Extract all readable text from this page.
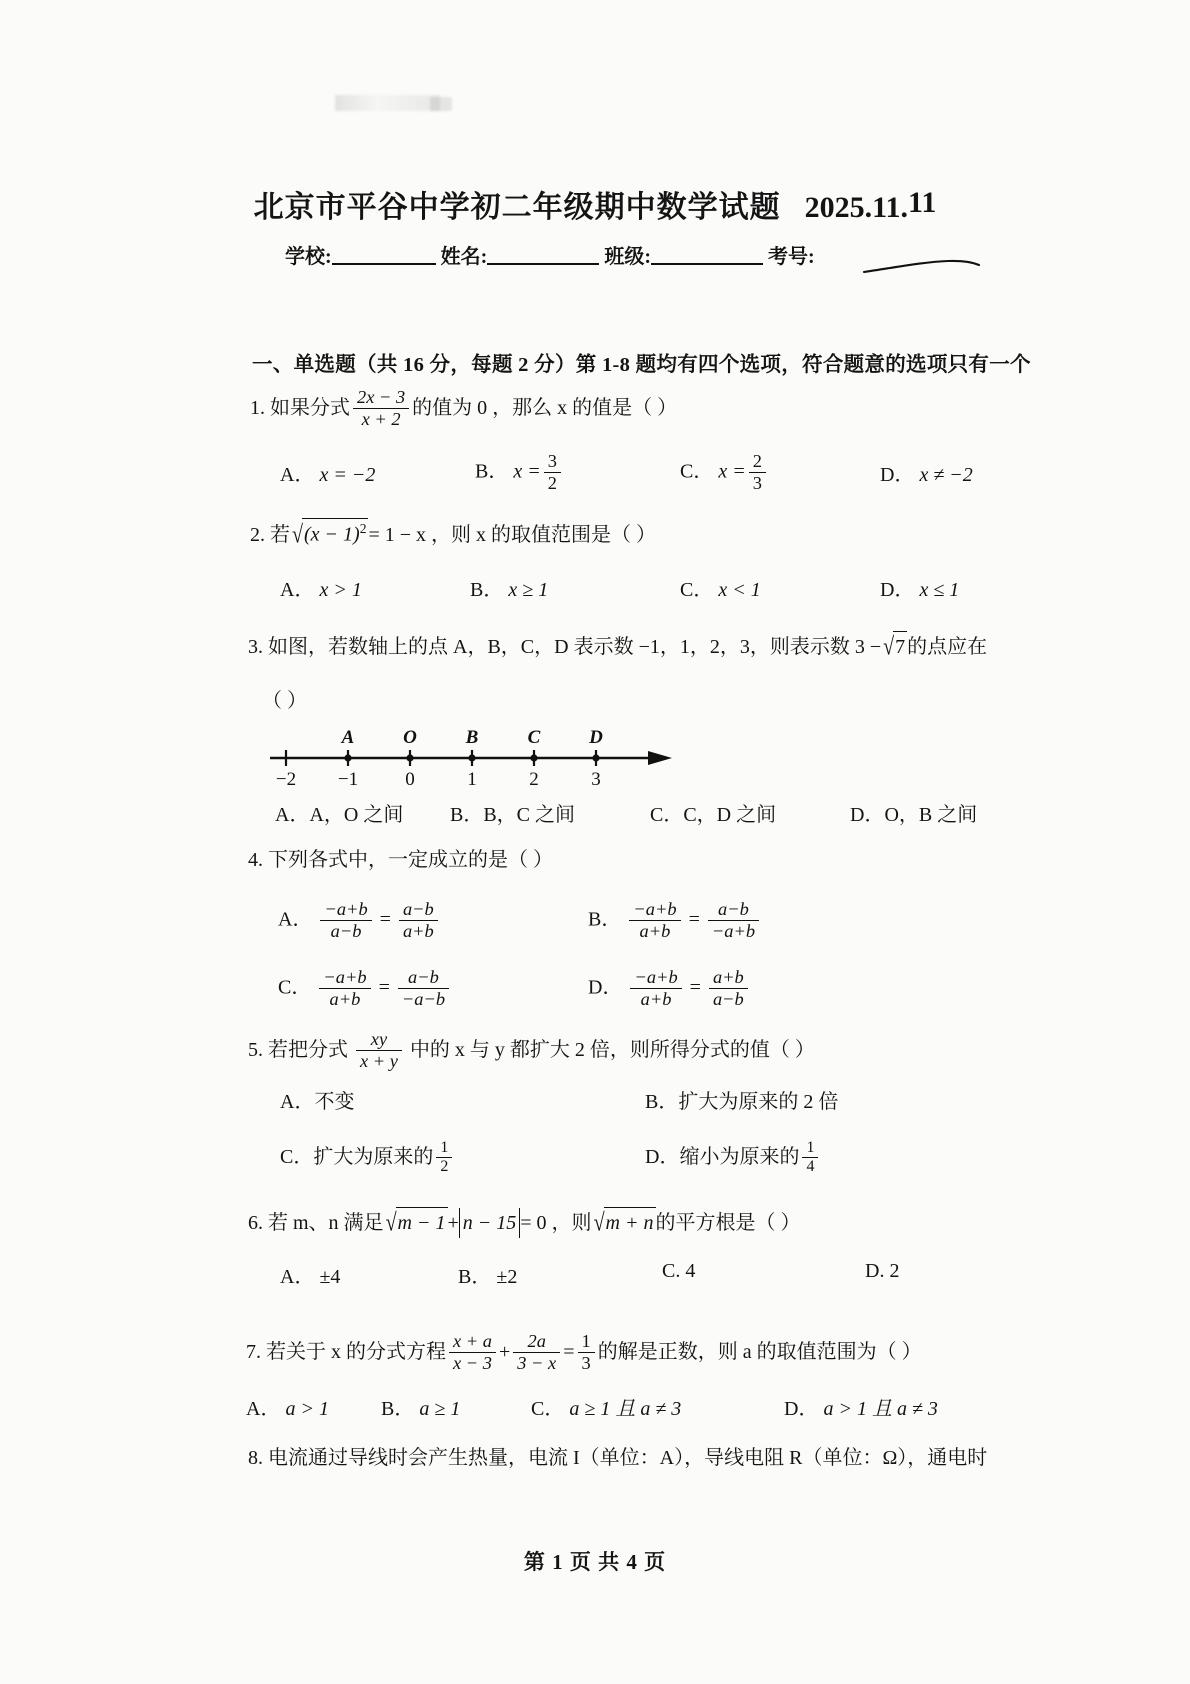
北京市平谷中学初二年级期中数学试题 2025.11.11
学校:	姓名:	班级:	考号:
一、单选题（共 16 分，每题 2 分）第 1-8 题均有四个选项，符合题意的选项只有一个
1. 如果分式 $\frac{2x - 3}{x + 2}$ 的值为 0 ，那么 x 的值是（ ）
A． x = −2	B． $x = \frac{3}{2}$	C． $x = \frac{2}{3}$	D． x ≠ −2
2. 若 $√(x - 1)^2 = 1 - x$ ，则 x 的取值范围是（ ）
A． x > 1	B． x ≥ 1	C． x < 1	D． x ≤ 1
3. 如图，若数轴上的点 A，B，C，D 表示数 −1，1，2，3，则表示数 3 − √7 的点应在
（ ）
A	O	B	C	D
−2 −1 0	1	2	3
A．A，O 之间 B．B，C 之间	C．C，D 之间	D．O，B 之间
4. 下列各式中，一定成立的是（ ）
A． $\frac{-a+b}{a-b} = \frac{a-b}{a+b}$	B． $\frac{-a+b}{a+b} = \frac{a-b}{-a+b}$
C． $\frac{-a+b}{a+b} = \frac{a-b}{-a-b}$	D． $\frac{-a+b}{a+b} = \frac{a+b}{a-b}$
5. 若把分式 $\frac{xy}{x + y}$ 中的 x 与 y 都扩大 2 倍，则所得分式的值（ ）
A．不变	B．扩大为原来的 2 倍
C．扩大为原来的 $\frac{1}{2}$	D．缩小为原来的 $\frac{1}{4}$
6. 若 m、n 满足 √m − 1 + n − 15 = 0 ，则 √m + n 的平方根是（ ）
A． ±4	B． ±2	C. 4	D. 2
7. 若关于 x 的分式方程 $\frac{x + a}{x - 3} + \frac{2a}{3 - x} = \frac{1}{3}$ 的解是正数，则 a 的取值范围为（ ）
A． a > 1	B． a ≥ 1	C． a ≥ 1 且 a ≠ 3	D． a > 1 且 a ≠ 3
8. 电流通过导线时会产生热量，电流 I（单位：A），导线电阻 R（单位：Ω），通电时
第 1 页 共 4 页
